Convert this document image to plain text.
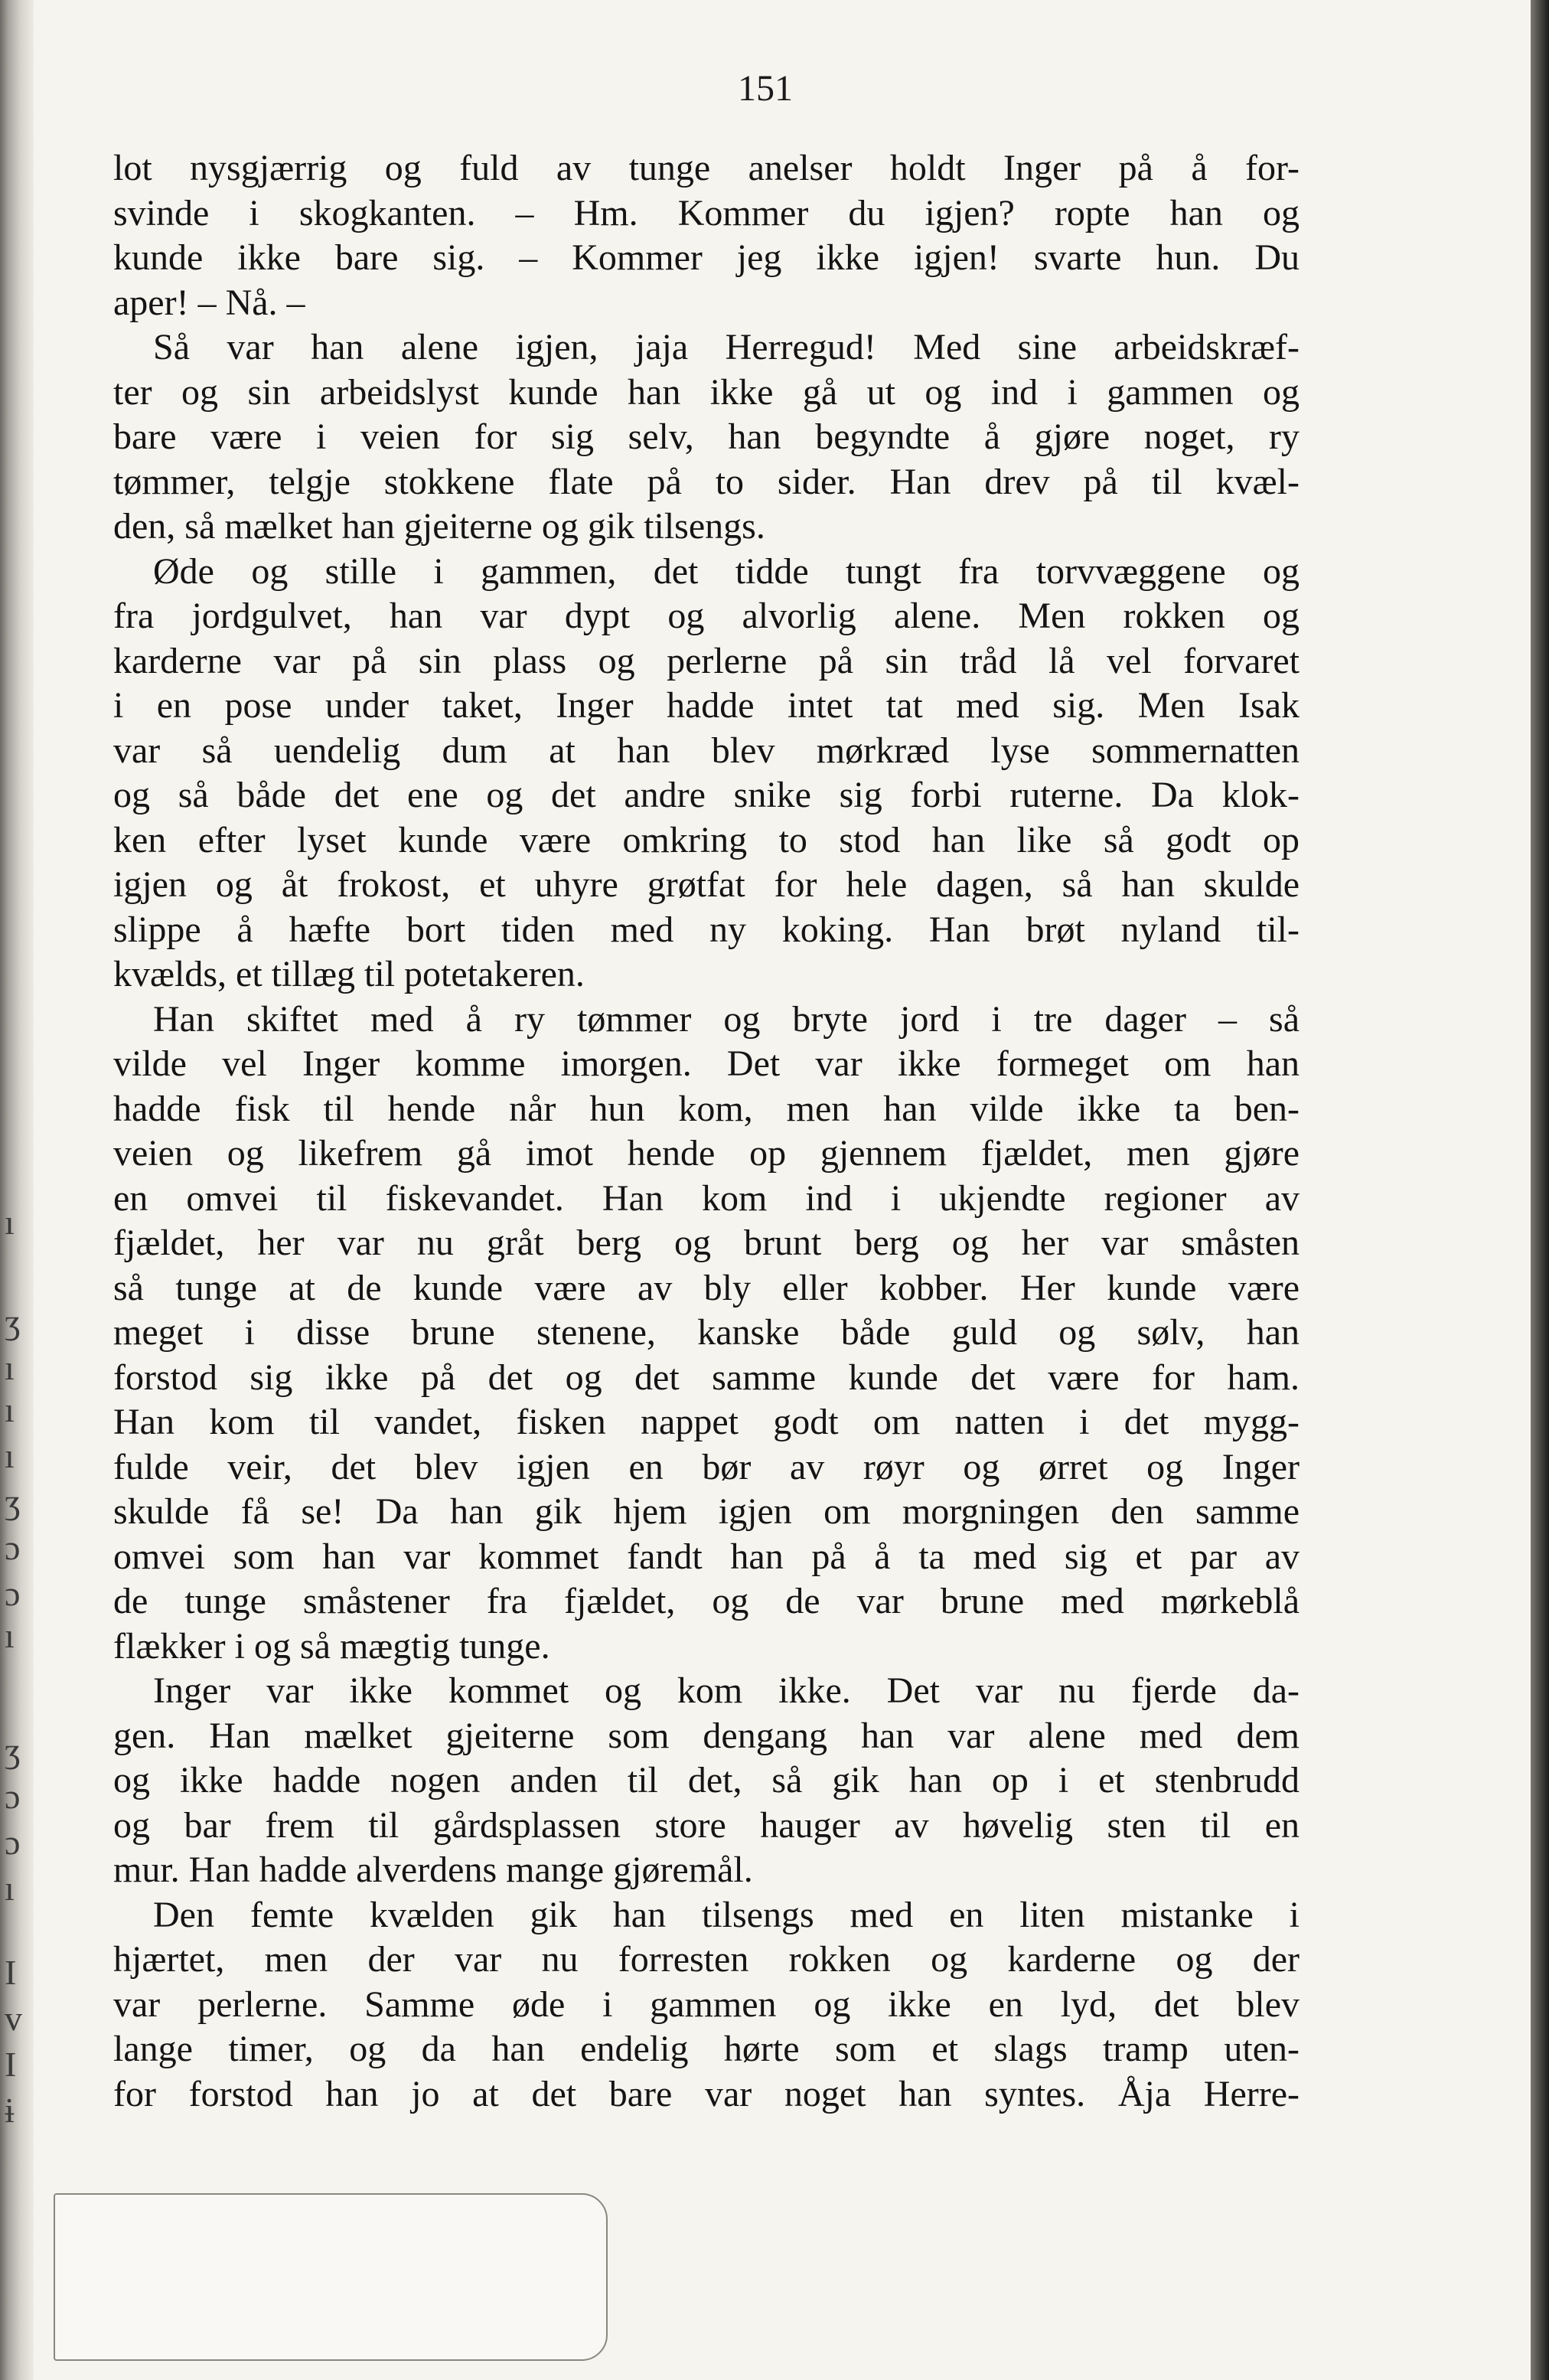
ı
ʒ
ı
ı
ı
ʒ
ɔ
ɔ
ı
ʒ
ɔ
ɔ
ı
I
v
I
ɨ
151
lot nysgjærrig og fuld av tunge anelser holdt Inger på å for-
svinde i skogkanten. – Hm. Kommer du igjen? ropte han og
kunde ikke bare sig. – Kommer jeg ikke igjen! svarte hun. Du
aper! – Nå. –
Så var han alene igjen, jaja Herregud! Med sine arbeidskræf-
ter og sin arbeidslyst kunde han ikke gå ut og ind i gammen og
bare være i veien for sig selv, han begyndte å gjøre noget, ry
tømmer, telgje stokkene flate på to sider. Han drev på til kvæl-
den, så mælket han gjeiterne og gik tilsengs.
Øde og stille i gammen, det tidde tungt fra torvvæggene og
fra jordgulvet, han var dypt og alvorlig alene. Men rokken og
karderne var på sin plass og perlerne på sin tråd lå vel forvaret
i en pose under taket, Inger hadde intet tat med sig. Men Isak
var så uendelig dum at han blev mørkræd lyse sommernatten
og så både det ene og det andre snike sig forbi ruterne. Da klok-
ken efter lyset kunde være omkring to stod han like så godt op
igjen og åt frokost, et uhyre grøtfat for hele dagen, så han skulde
slippe å hæfte bort tiden med ny koking. Han brøt nyland til-
kvælds, et tillæg til potetakeren.
Han skiftet med å ry tømmer og bryte jord i tre dager – så
vilde vel Inger komme imorgen. Det var ikke formeget om han
hadde fisk til hende når hun kom, men han vilde ikke ta ben-
veien og likefrem gå imot hende op gjennem fjældet, men gjøre
en omvei til fiskevandet. Han kom ind i ukjendte regioner av
fjældet, her var nu gråt berg og brunt berg og her var småsten
så tunge at de kunde være av bly eller kobber. Her kunde være
meget i disse brune stenene, kanske både guld og sølv, han
forstod sig ikke på det og det samme kunde det være for ham.
Han kom til vandet, fisken nappet godt om natten i det mygg-
fulde veir, det blev igjen en bør av røyr og ørret og Inger
skulde få se! Da han gik hjem igjen om morgningen den samme
omvei som han var kommet fandt han på å ta med sig et par av
de tunge småstener fra fjældet, og de var brune med mørkeblå
flækker i og så mægtig tunge.
Inger var ikke kommet og kom ikke. Det var nu fjerde da-
gen. Han mælket gjeiterne som dengang han var alene med dem
og ikke hadde nogen anden til det, så gik han op i et stenbrudd
og bar frem til gårdsplassen store hauger av høvelig sten til en
mur. Han hadde alverdens mange gjøremål.
Den femte kvælden gik han tilsengs med en liten mistanke i
hjærtet, men der var nu forresten rokken og karderne og der
var perlerne. Samme øde i gammen og ikke en lyd, det blev
lange timer, og da han endelig hørte som et slags tramp uten-
for forstod han jo at det bare var noget han syntes. Åja Herre-
